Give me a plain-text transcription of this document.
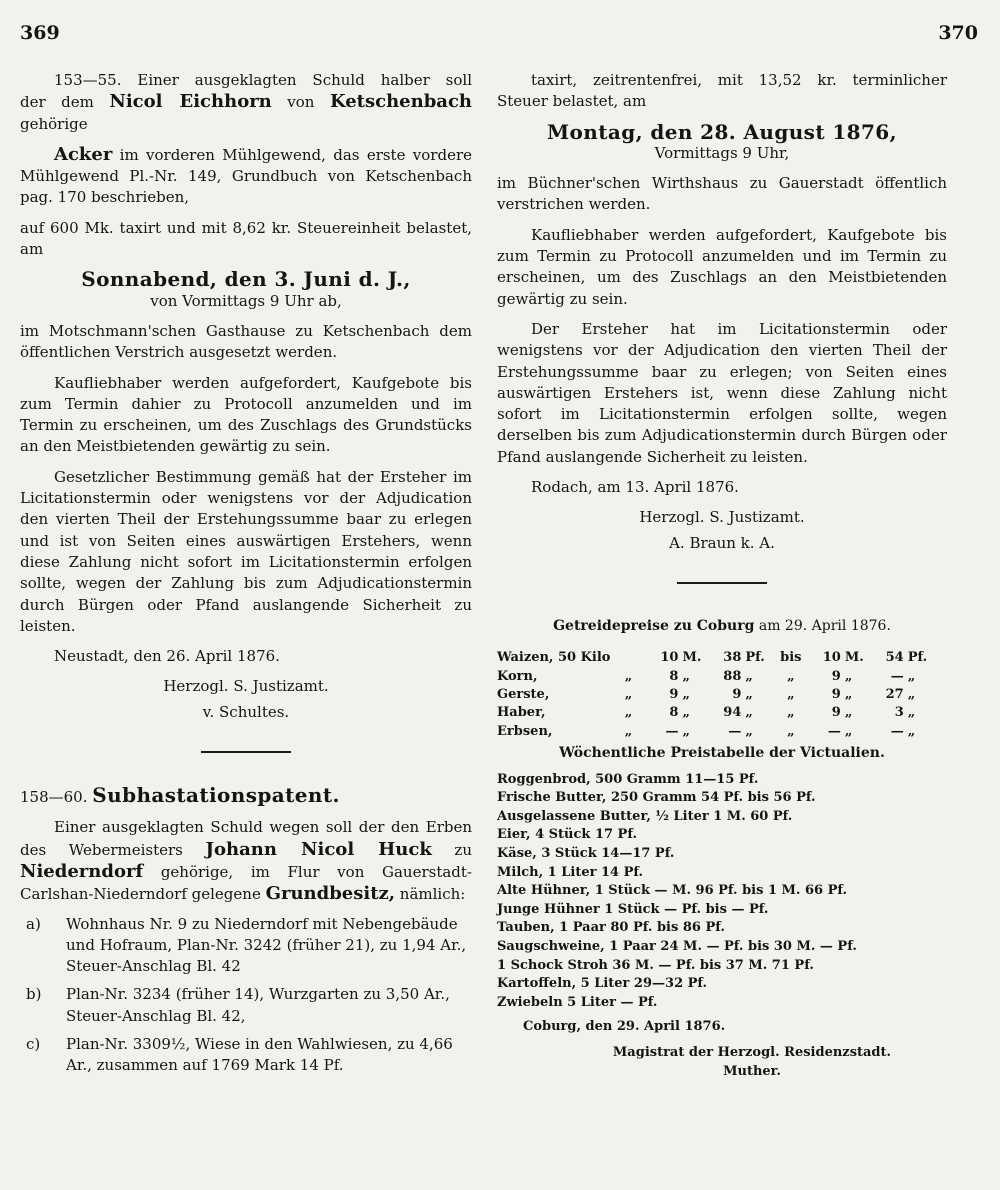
369	370

153—55. Einer ausgeklagten Schuld halber soll

der dem Nicol Eichhorn von Ketschenbach

gehörige

Acker im vorderen Mühlgewend, das erste vordere Mühlgewend Pl.-Nr. 149, Grundbuch von Ketschenbach pag. 170 beschrieben,

auf 600 Mk. taxirt und mit 8,62 kr. Steuereinheit belastet, am

Sonnabend, den 3. Juni d. J.,

von Vormittags 9 Uhr ab,

im Motschmann'schen Gasthause zu Ketschenbach dem öffentlichen Verstrich ausgesetzt werden.

Kaufliebhaber werden aufgefordert, Kaufgebote bis zum Termin dahier zu Protocoll anzumelden und im Termin zu erscheinen, um des Zuschlags des Grundstücks an den Meistbietenden gewärtig zu sein.

Gesetzlicher Bestimmung gemäß hat der Ersteher im Licitationstermin oder wenigstens vor der Adjudication den vierten Theil der Erstehungssumme baar zu erlegen und ist von Seiten eines auswärtigen Erstehers, wenn diese Zahlung nicht sofort im Licitationstermin erfolgen sollte, wegen der Zahlung bis zum Adjudicationstermin durch Bürgen oder Pfand auslangende Sicherheit zu leisten.

Neustadt, den 26. April 1876.

Herzogl. S. Justizamt.

v. Schultes.

158—60. Subhastationspatent.

Einer ausgeklagten Schuld wegen soll der den Erben des Webermeisters Johann Nicol Huck zu Niederndorf gehörige, im Flur von Gauerstadt-Carlshan-Niederndorf gelegene Grundbesitz, nämlich:

a)	Wohnhaus Nr. 9 zu Niederndorf mit Nebengebäude und Hofraum, Plan-Nr. 3242 (früher 21), zu 1,94 Ar., Steuer-Anschlag Bl. 42
b)	Plan-Nr. 3234 (früher 14), Wurzgarten zu 3,50 Ar., Steuer-Anschlag Bl. 42,
c)	Plan-Nr. 3309½, Wiese in den Wahlwiesen, zu 4,66 Ar., zusammen auf 1769 Mark 14 Pf.

taxirt, zeitrentenfrei, mit 13,52 kr. terminlicher Steuer belastet, am

Montag, den 28. August 1876,

Vormittags 9 Uhr,

im Büchner'schen Wirthshaus zu Gauerstadt öffentlich verstrichen werden.

Kaufliebhaber werden aufgefordert, Kaufgebote bis zum Termin zu Protocoll anzumelden und im Termin zu erscheinen, um des Zuschlags an den Meistbietenden gewärtig zu sein.

Der Ersteher hat im Licitationstermin oder wenigstens vor der Adjudication den vierten Theil der Erstehungssumme baar zu erlegen; von Seiten eines auswärtigen Erstehers ist, wenn diese Zahlung nicht sofort im Licitationstermin erfolgen sollte, wegen derselben bis zum Adjudicationstermin durch Bürgen oder Pfand auslangende Sicherheit zu leisten.

Rodach, am 13. April 1876.

Herzogl. S. Justizamt.

A. Braun k. A.

Getreidepreise zu Coburg am 29. April 1876.

Waizen, 50 Kilo		10	M.	38	Pf.	bis	10	M.	54	Pf.
Korn,	„	8	„	88	„	„	9	„	—	„
Gerste,	„	9	„	9	„	„	9	„	27	„
Haber,	„	8	„	94	„	„	9	„	3	„
Erbsen,	„	—	„	—	„	„	—	„	—	„

Wöchentliche Preistabelle der Victualien.

Roggenbrod, 500 Gramm 11—15 Pf.
Frische Butter, 250 Gramm 54 Pf. bis 56 Pf.
Ausgelassene Butter, ½ Liter 1 M. 60 Pf.
Eier, 4 Stück 17 Pf.
Käse, 3 Stück 14—17 Pf.
Milch, 1 Liter 14 Pf.
Alte Hühner, 1 Stück — M. 96 Pf. bis 1 M. 66 Pf.
Junge Hühner 1 Stück — Pf. bis — Pf.
Tauben, 1 Paar 80 Pf. bis 86 Pf.
Saugschweine, 1 Paar 24 M. — Pf. bis 30 M. — Pf.
1 Schock Stroh 36 M. — Pf. bis 37 M. 71 Pf.
Kartoffeln, 5 Liter 29—32 Pf.
Zwiebeln 5 Liter — Pf.

Coburg, den 29. April 1876.

Magistrat der Herzogl. Residenzstadt.
Muther.
